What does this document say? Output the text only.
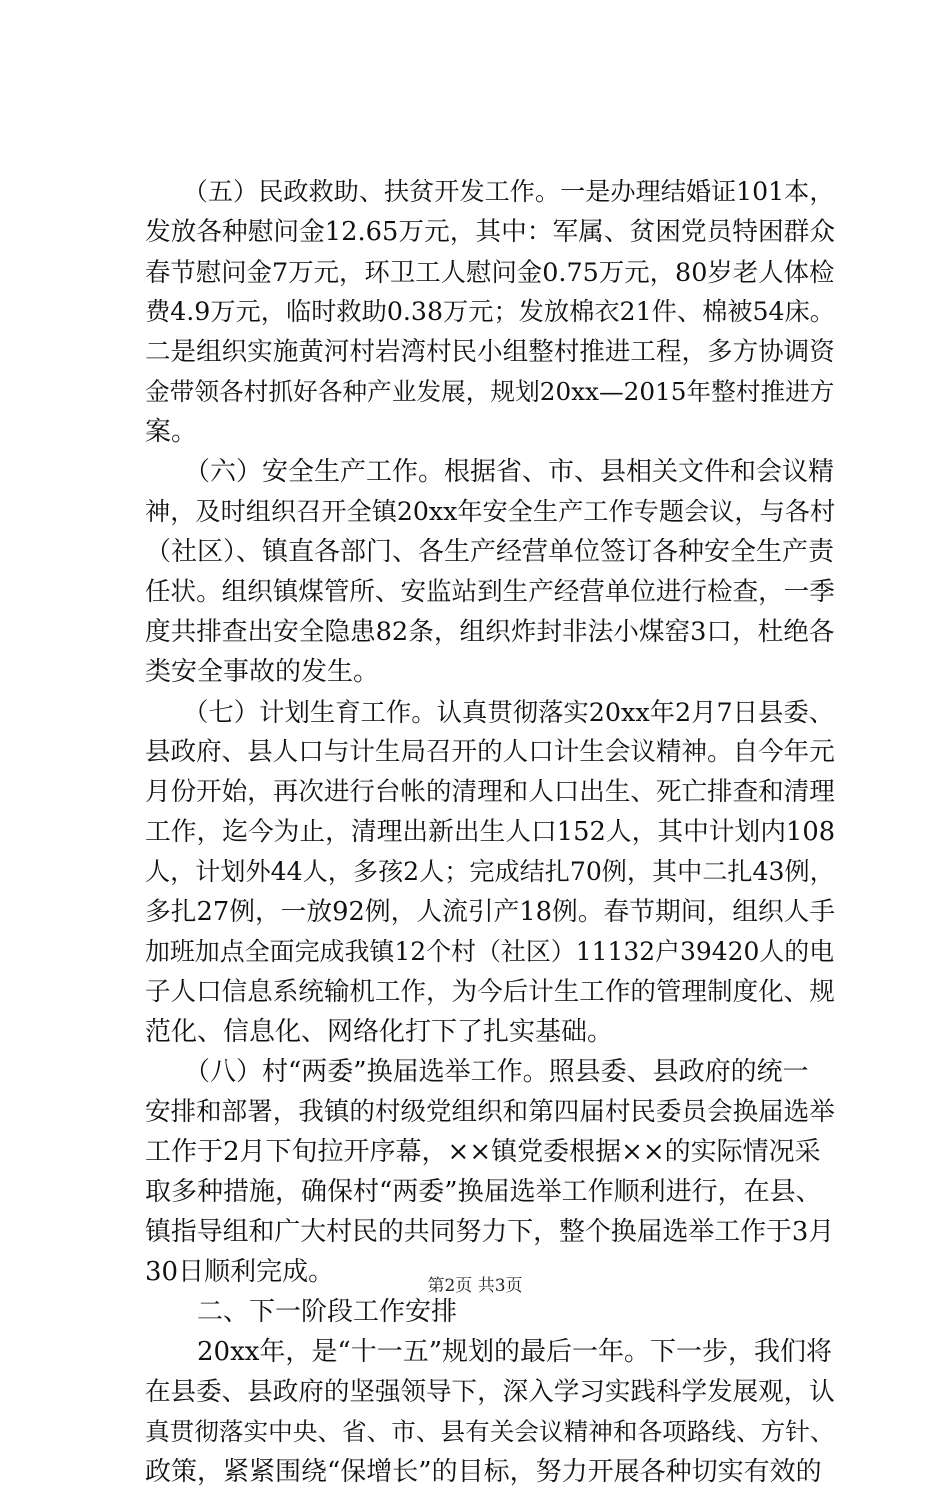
　　（五）民政救助、扶贫开发工作。一是办理结婚证101本，
发放各种慰问金12.65万元，其中：军属、贫困党员特困群众
春节慰问金7万元，环卫工人慰问金0.75万元，80岁老人体检
费4.9万元，临时救助0.38万元；发放棉衣21件、棉被54床。
二是组织实施黄河村岩湾村民小组整村推进工程，多方协调资
金带领各村抓好各种产业发展，规划20xx—2015年整村推进方
案。
　　（六）安全生产工作。根据省、市、县相关文件和会议精
神，及时组织召开全镇20xx年安全生产工作专题会议，与各村
（社区）、镇直各部门、各生产经营单位签订各种安全生产责
任状。组织镇煤管所、安监站到生产经营单位进行检查，一季
度共排查出安全隐患82条，组织炸封非法小煤窑3口，杜绝各
类安全事故的发生。
　　（七）计划生育工作。认真贯彻落实20xx年2月7日县委、
县政府、县人口与计生局召开的人口计生会议精神。自今年元
月份开始，再次进行台帐的清理和人口出生、死亡排查和清理
工作，迄今为止，清理出新出生人口152人，其中计划内108
人，计划外44人，多孩2人；完成结扎70例，其中二扎43例，
多扎27例，一放92例，人流引产18例。春节期间，组织人手
加班加点全面完成我镇12个村（社区）11132户39420人的电
子人口信息系统输机工作，为今后计生工作的管理制度化、规
范化、信息化、网络化打下了扎实基础。
　　（八）村“两委”换届选举工作。照县委、县政府的统一
安排和部署，我镇的村级党组织和第四届村民委员会换届选举
工作于2月下旬拉开序幕，××镇党委根据××的实际情况采
取多种措施，确保村“两委”换届选举工作顺利进行，在县、
镇指导组和广大村民的共同努力下，整个换届选举工作于3月
30日顺利完成。
　　二、下一阶段工作安排
　　20xx年，是“十一五”规划的最后一年。下一步，我们将
在县委、县政府的坚强领导下，深入学习实践科学发展观，认
真贯彻落实中央、省、市、县有关会议精神和各项路线、方针、
政策，紧紧围绕“保增长”的目标，努力开展各种切实有效的
第2页 共3页
